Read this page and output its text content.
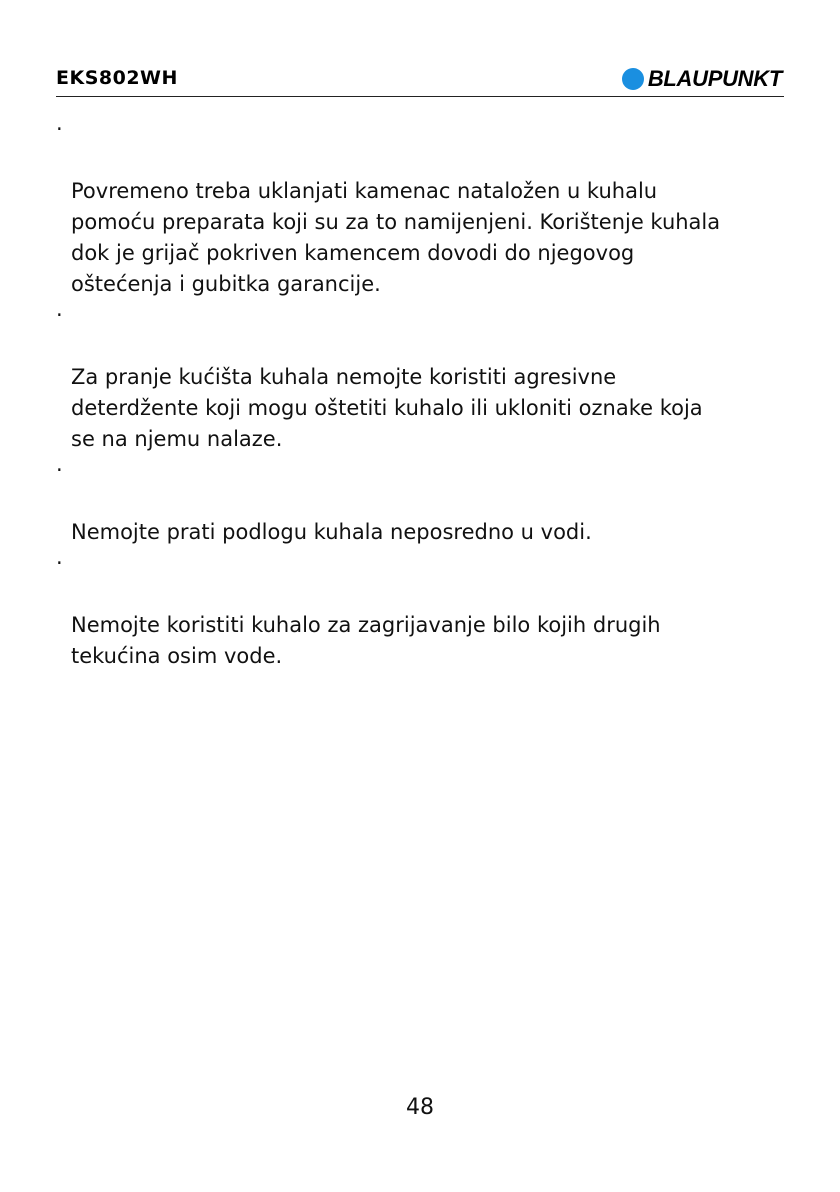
EKS802WH	BLAUPUNKT

·

Povremeno treba uklanjati kamenac nataložen u kuhalu
pomoću preparata koji su za to namijenjeni. Korištenje kuhala
dok je grijač pokriven kamencem dovodi do njegovog
oštećenja i gubitka garancije.

·

Za pranje kućišta kuhala nemojte koristiti agresivne
deterdžente koji mogu oštetiti kuhalo ili ukloniti oznake koja
se na njemu nalaze.

·

Nemojte prati podlogu kuhala neposredno u vodi.

·

Nemojte koristiti kuhalo za zagrijavanje bilo kojih drugih
tekućina osim vode.

48
